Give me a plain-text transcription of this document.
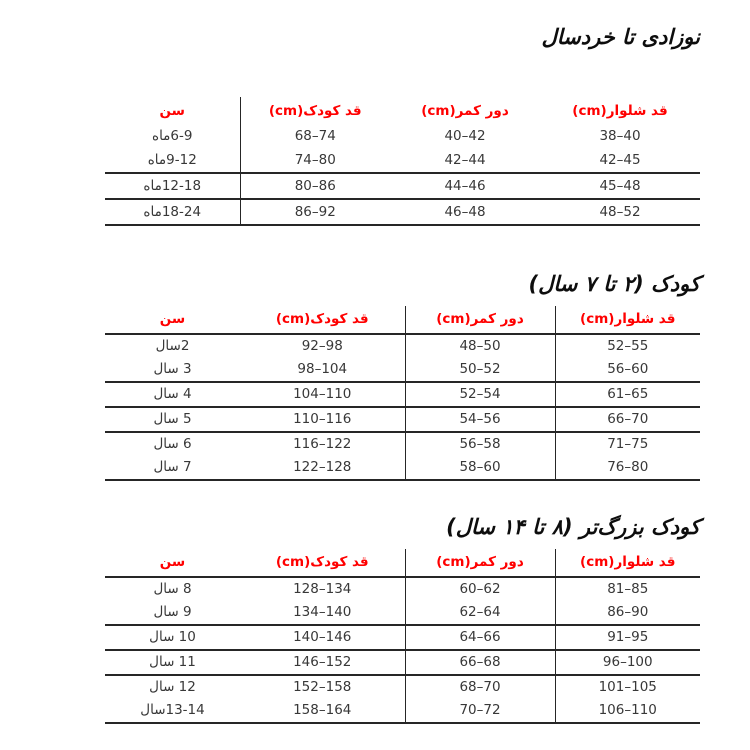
نوزادی تا خردسال
سن	قد کودک(cm)	دور کمر(cm)	قد شلوار(cm)
6-9ماه	68–74	40–42	38–40
9-12ماه	74–80	42–44	42–45
12-18ماه	80–86	44–46	45–48
18-24ماه	86–92	46–48	48–52
کودک (۲ تا ۷ سال)
سن	قد کودک(cm)	دور کمر(cm)	قد شلوار(cm)
2سال	92–98	48–50	52–55
3 سال	98–104	50–52	56–60
4 سال	104–110	52–54	61–65
5 سال	110–116	54–56	66–70
6 سال	116–122	56–58	71–75
7 سال	122–128	58–60	76–80
کودک بزرگ‌تر (۸ تا ۱۴ سال)
سن	قد کودک(cm)	دور کمر(cm)	قد شلوار(cm)
8 سال	128–134	60–62	81–85
9 سال	134–140	62–64	86–90
10 سال	140–146	64–66	91–95
11 سال	146–152	66–68	96–100
12 سال	152–158	68–70	101–105
13-14سال	158–164	70–72	106–110
